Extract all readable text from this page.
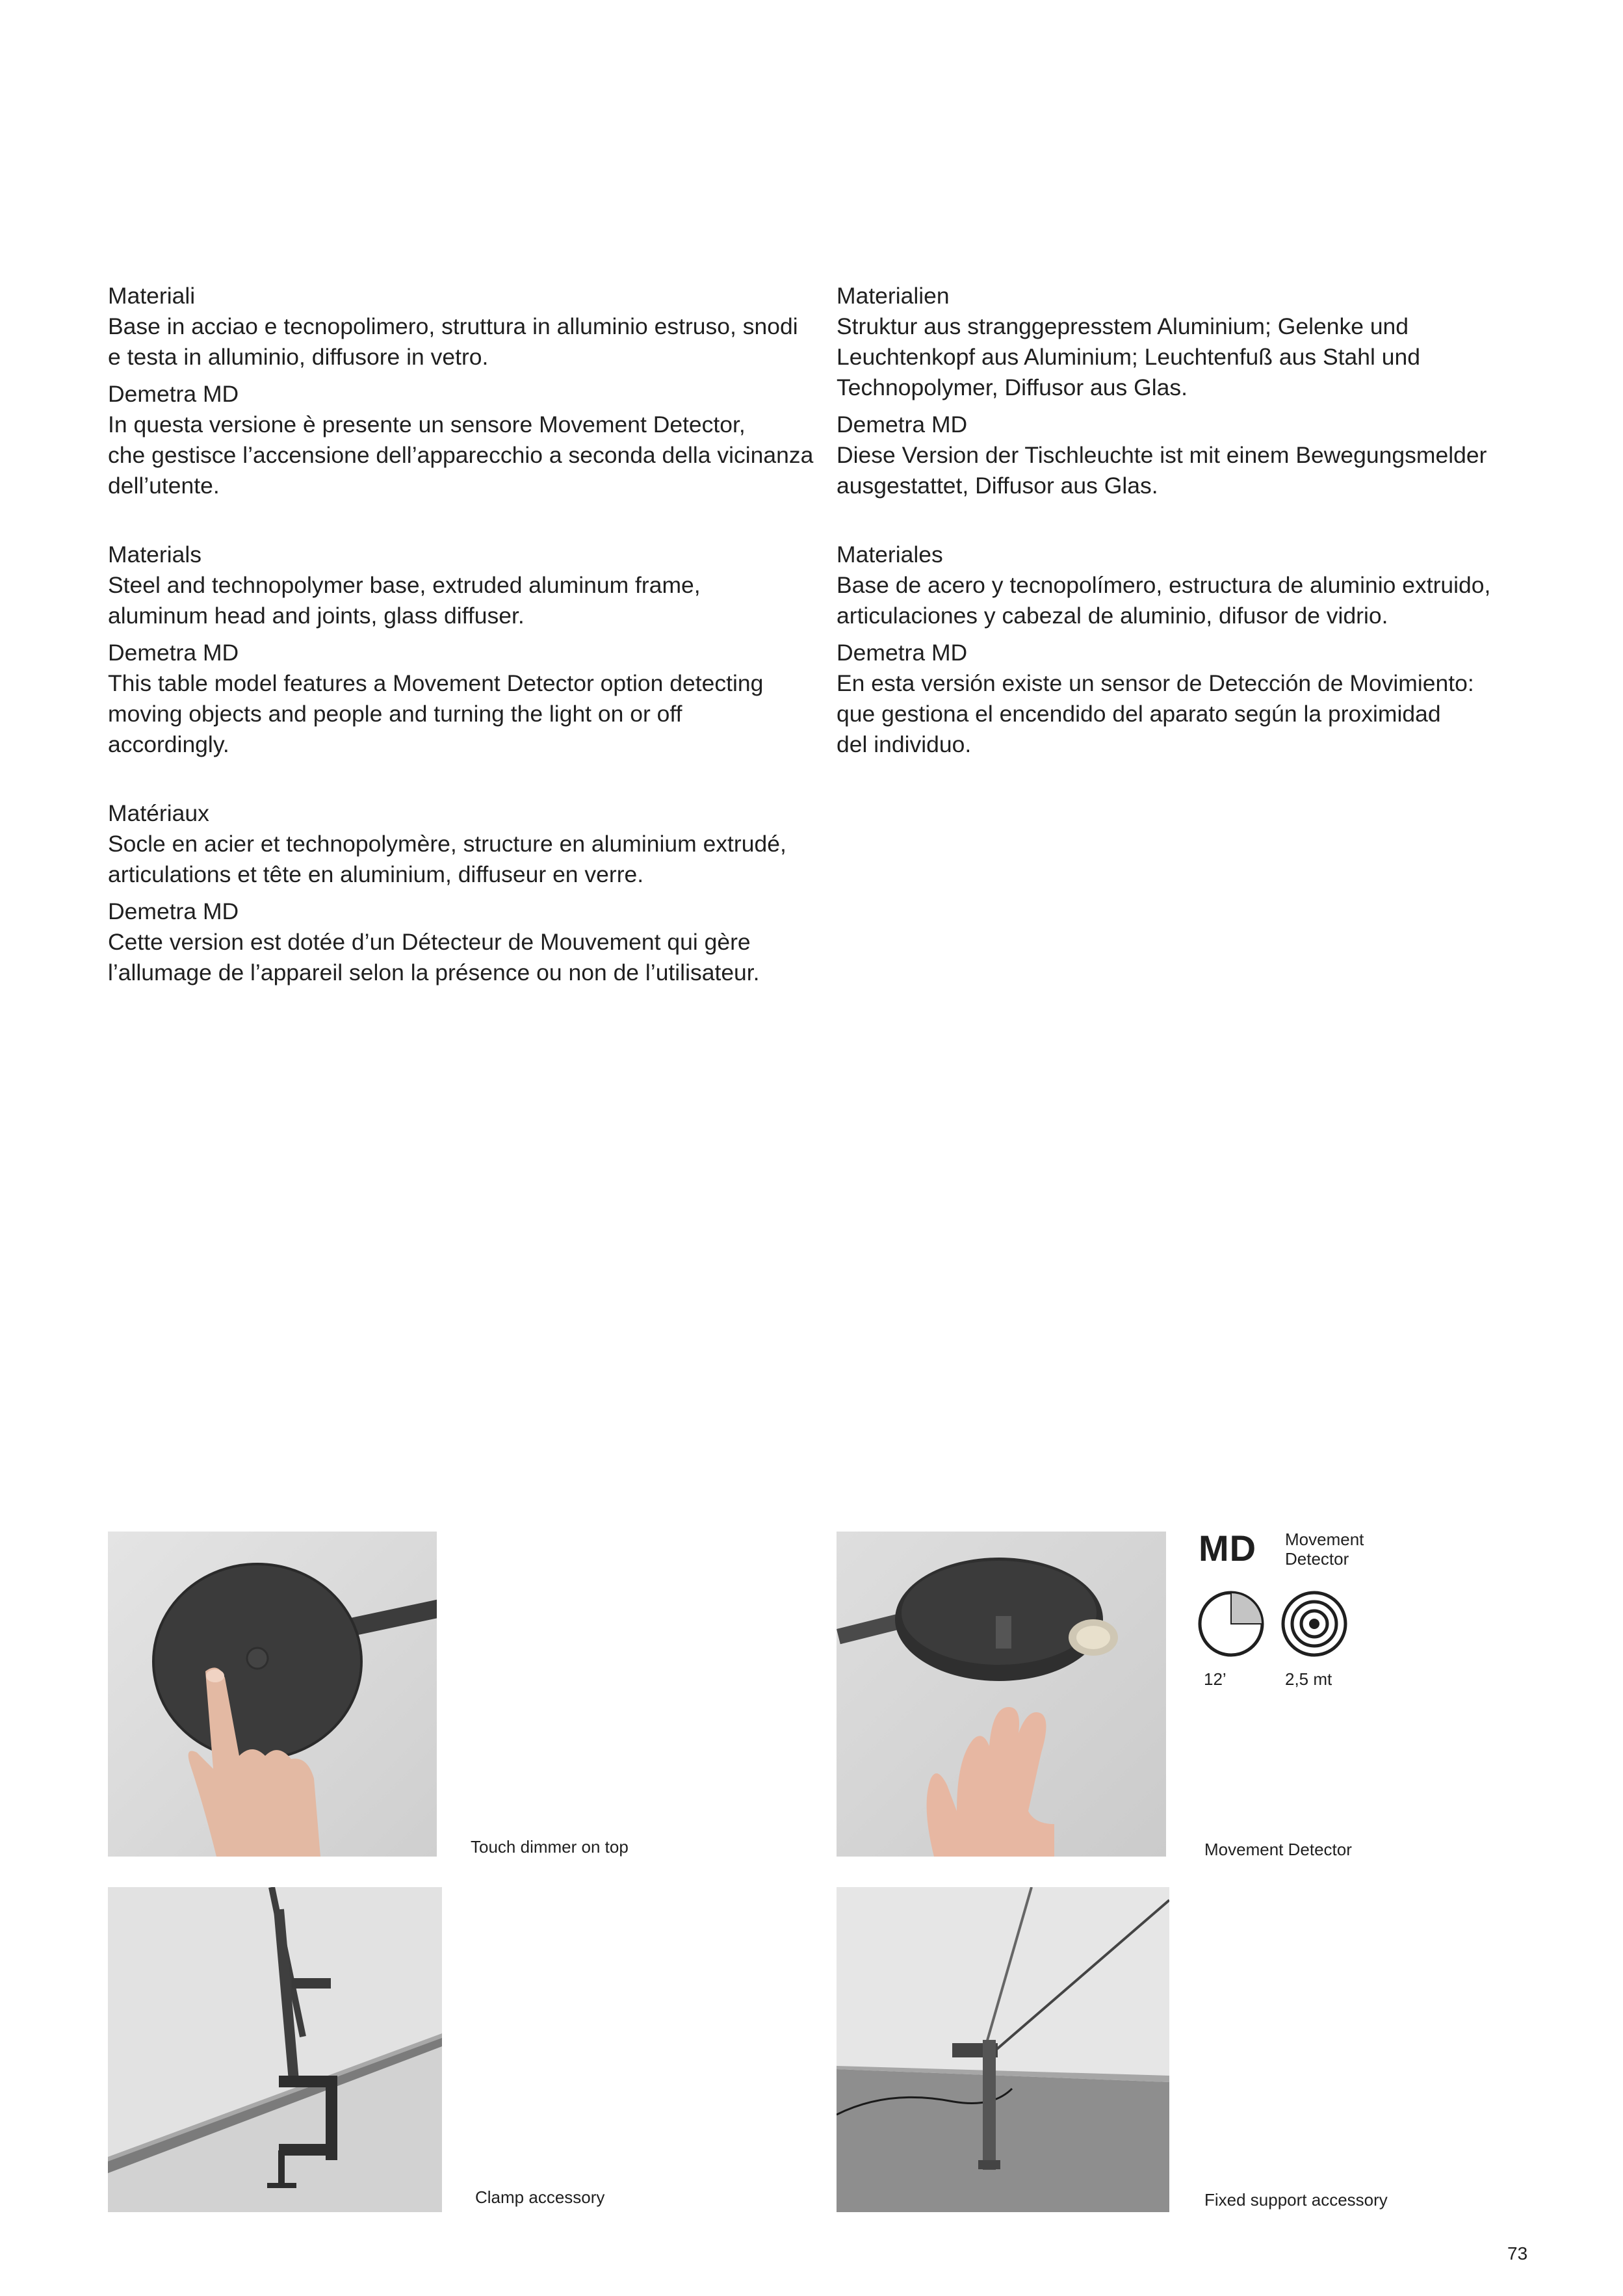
Materiali
Base in acciao e tecnopolimero, struttura in alluminio estruso, snodi
e testa in alluminio, diffusore in vetro.
Demetra MD
In questa versione è presente un sensore Movement Detector,
che gestisce l’accensione dell’apparecchio a seconda della vicinanza
dell’utente.
Materialien
Struktur aus stranggepresstem Aluminium; Gelenke und
Leuchtenkopf aus Aluminium; Leuchtenfuß aus Stahl und
Technopolymer, Diffusor aus Glas.
Demetra MD
Diese Version der Tischleuchte ist mit einem Bewegungsmelder
ausgestattet, Diffusor aus Glas.
Materials
Steel and technopolymer base, extruded aluminum frame,
aluminum head and joints, glass diffuser.
Demetra MD
This table model features a Movement Detector option detecting
moving objects and people and turning the light on or off
accordingly.
Materiales
Base de acero y tecnopolímero, estructura de aluminio extruido,
articulaciones y cabezal de aluminio, difusor de vidrio.
Demetra MD
En esta versión existe un sensor de Detección de Movimiento:
que gestiona el encendido del aparato según la proximidad
del individuo.
Matériaux
Socle en acier et technopolymère, structure en aluminium extrudé,
articulations et tête en aluminium, diffuseur en verre.
Demetra MD
Cette version est dotée d’un Détecteur de Mouvement qui gère
l’allumage de l’appareil selon la présence ou non de l’utilisateur.
Touch dimmer on top	Movement Detector
MD Movement
Detector
12’	2,5 mt
Clamp accessory	Fixed support accessory
73
